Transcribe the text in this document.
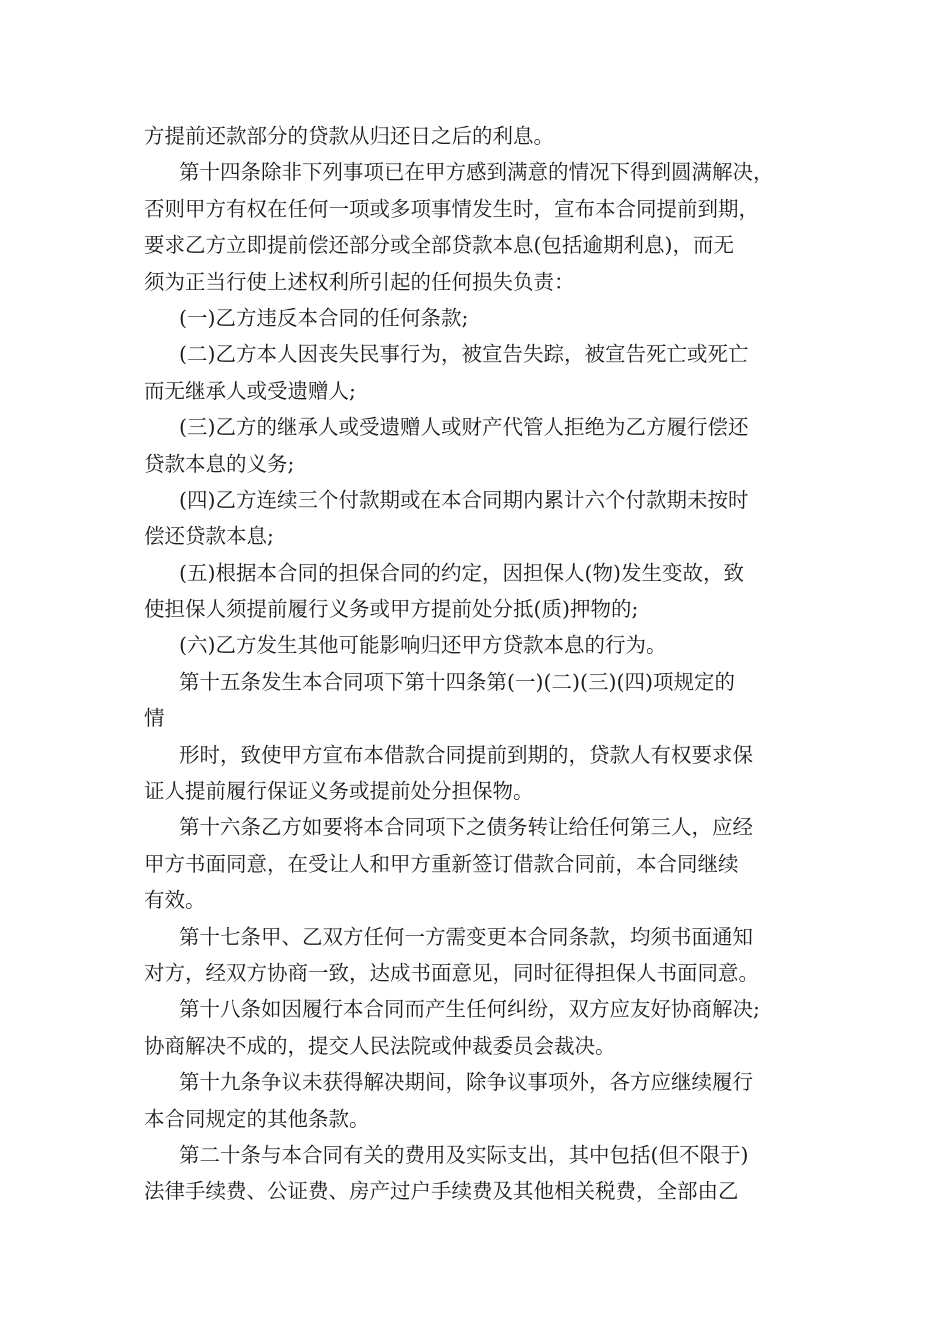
方提前还款部分的贷款从归还日之后的利息。
第十四条除非下列事项已在甲方感到满意的情况下得到圆满解决，
否则甲方有权在任何一项或多项事情发生时，宣布本合同提前到期，
要求乙方立即提前偿还部分或全部贷款本息(包括逾期利息)，而无
须为正当行使上述权利所引起的任何损失负责：
(一)乙方违反本合同的任何条款;
(二)乙方本人因丧失民事行为，被宣告失踪，被宣告死亡或死亡
而无继承人或受遗赠人;
(三)乙方的继承人或受遗赠人或财产代管人拒绝为乙方履行偿还
贷款本息的义务;
(四)乙方连续三个付款期或在本合同期内累计六个付款期未按时
偿还贷款本息;
(五)根据本合同的担保合同的约定，因担保人(物)发生变故，致
使担保人须提前履行义务或甲方提前处分抵(质)押物的;
(六)乙方发生其他可能影响归还甲方贷款本息的行为。
第十五条发生本合同项下第十四条第(一)(二)(三)(四)项规定的
情
形时，致使甲方宣布本借款合同提前到期的，贷款人有权要求保
证人提前履行保证义务或提前处分担保物。
第十六条乙方如要将本合同项下之债务转让给任何第三人，应经
甲方书面同意，在受让人和甲方重新签订借款合同前，本合同继续
有效。
第十七条甲、乙双方任何一方需变更本合同条款，均须书面通知
对方，经双方协商一致，达成书面意见，同时征得担保人书面同意。
第十八条如因履行本合同而产生任何纠纷，双方应友好协商解决;
协商解决不成的，提交人民法院或仲裁委员会裁决。
第十九条争议未获得解决期间，除争议事项外，各方应继续履行
本合同规定的其他条款。
第二十条与本合同有关的费用及实际支出，其中包括(但不限于)
法律手续费、公证费、房产过户手续费及其他相关税费，全部由乙
